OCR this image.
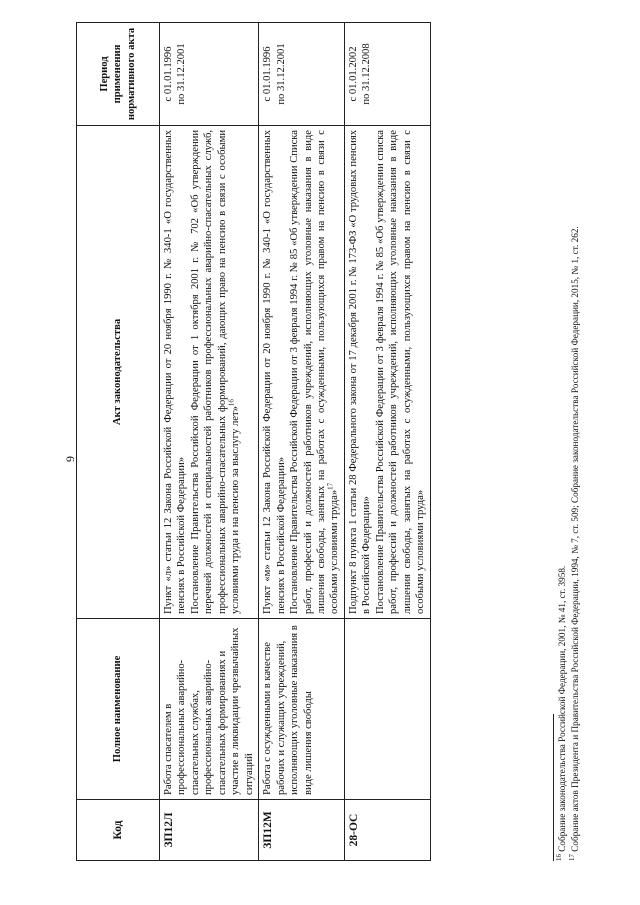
9
Код	Полное наименование	Акт законодательства	Период применения нормативного акта
ЗП12Л	Работа спасателем в профессиональных аварийно-спасательных службах, профессиональных аварийно-спасательных формированиях и участие в ликвидации чрезвычайных ситуаций	Пункт «л» статьи 12 Закона Российской Федерации от 20 ноября 1990 г. № 340-1 «О государственных пенсиях в Российской Федерации» Постановление Правительства Российской Федерации от 1 октября 2001 г. № 702 «Об утверждении перечней должностей и специальностей работников профессиональных аварийно-спасательных служб, профессиональных аварийно-спасательных формирований, дающих право на пенсию в связи с особыми условиями труда и на пенсию за выслугу лет»$^{16}$	с 01.01.1996 по 31.12.2001

ЗП12М	Работа с осужденными в качестве рабочих и служащих учреждений, исполняющих уголовные наказания в виде лишения свободы	Пункт «м» статьи 12 Закона Российской Федерации от 20 ноября 1990 г. № 340-1 «О государственных пенсиях в Российской Федерации» Постановление Правительства Российской Федерации от 3 февраля 1994 г. № 85 «Об утверждении Списка работ, профессий и должностей работников учреждений, исполняющих уголовные наказания в виде лишения свободы, занятых на работах с осужденными, пользующихся правом на пенсию в связи с особыми условиями труда»$^{17}$	с 01.01.1996 по 31.12.2001

28-ОС		Подпункт 8 пункта 1 статьи 28 Федерального закона от 17 декабря 2001 г. № 173-ФЗ «О трудовых пенсиях в Российской Федерации» Постановление Правительства Российской Федерации от 3 февраля 1994 г. № 85 «Об утверждении списка работ, профессий и должностей работников учреждений, исполняющих уголовные наказания в виде лишения свободы, занятых на работах с осужденными, пользующихся правом на пенсию в связи с особыми условиями труда»	с 01.01.2002 по 31.12.2008
$^{16}$ Собрание законодательства Российской Федерации, 2001, № 41, ст. 3958.
$^{17}$ Собрание актов Президента и Правительства Российской Федерации, 1994, № 7, ст. 509; Собрание законодательства Российской Федерации, 2015, № 1, ст. 262.
